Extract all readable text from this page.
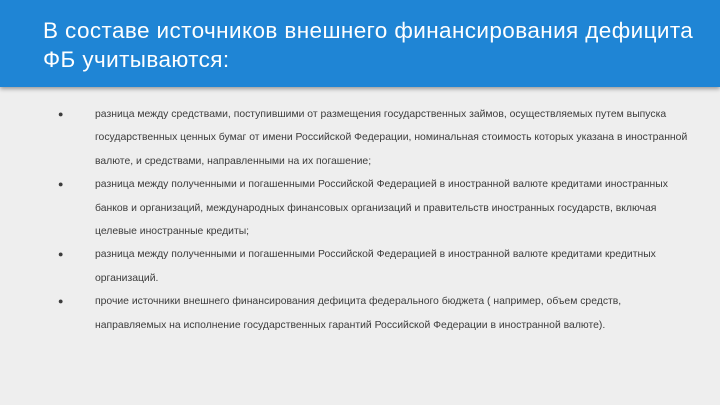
В составе источников внешнего финансирования дефицита ФБ учитываются:
●	разница между средствами, поступившими от размещения государственных займов, осуществляемых путем выпуска государственных ценных бумаг от имени Российской Федерации, номинальная стоимость которых указана в иностранной валюте, и средствами, направленными на их погашение;
●	разница между полученными и погашенными Российской Федерацией в иностранной валюте кредитами иностранных банков и организаций, международных финансовых организаций и правительств иностранных государств, включая целевые иностранные кредиты;
●	разница между полученными и погашенными Российской Федерацией в иностранной валюте кредитами кредитных организаций.
●	прочие источники внешнего финансирования дефицита федерального бюджета ( например, объем средств, направляемых на исполнение государственных гарантий Российской Федерации в иностранной валюте).
